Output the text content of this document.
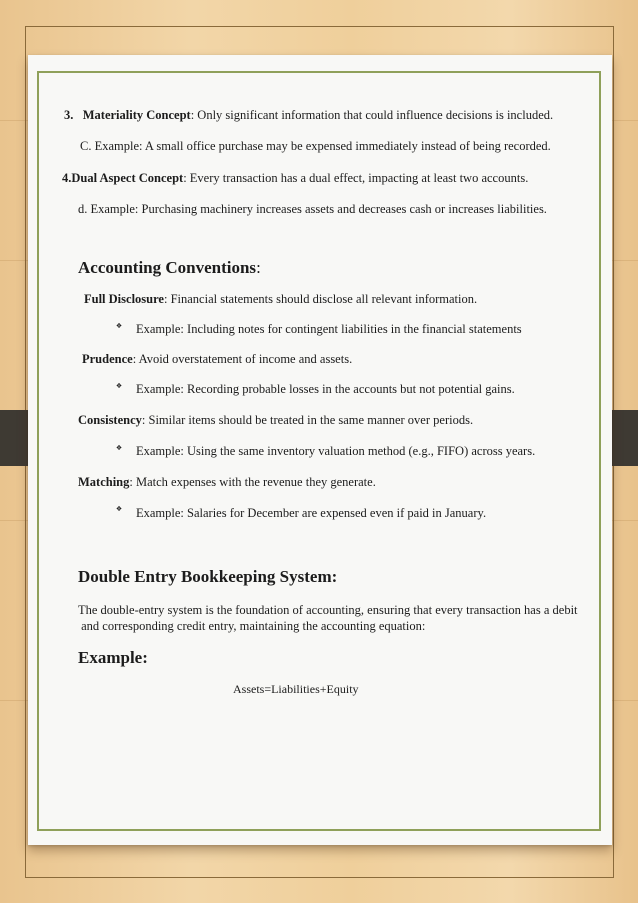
3. Materiality Concept: Only significant information that could influence decisions is included.
C. Example: A small office purchase may be expensed immediately instead of being recorded.
4.Dual Aspect Concept: Every transaction has a dual effect, impacting at least two accounts.
d. Example: Purchasing machinery increases assets and decreases cash or increases liabilities.
Accounting Conventions:
Full Disclosure: Financial statements should disclose all relevant information.
❖ Example: Including notes for contingent liabilities in the financial statements
Prudence: Avoid overstatement of income and assets.
❖ Example: Recording probable losses in the accounts but not potential gains.
Consistency: Similar items should be treated in the same manner over periods.
❖ Example: Using the same inventory valuation method (e.g., FIFO) across years.
Matching: Match expenses with the revenue they generate.
❖ Example: Salaries for December are expensed even if paid in January.
Double Entry Bookkeeping System:
The double-entry system is the foundation of accounting, ensuring that every transaction has a debit
and corresponding credit entry, maintaining the accounting equation:
Example:
Assets=Liabilities+Equity
